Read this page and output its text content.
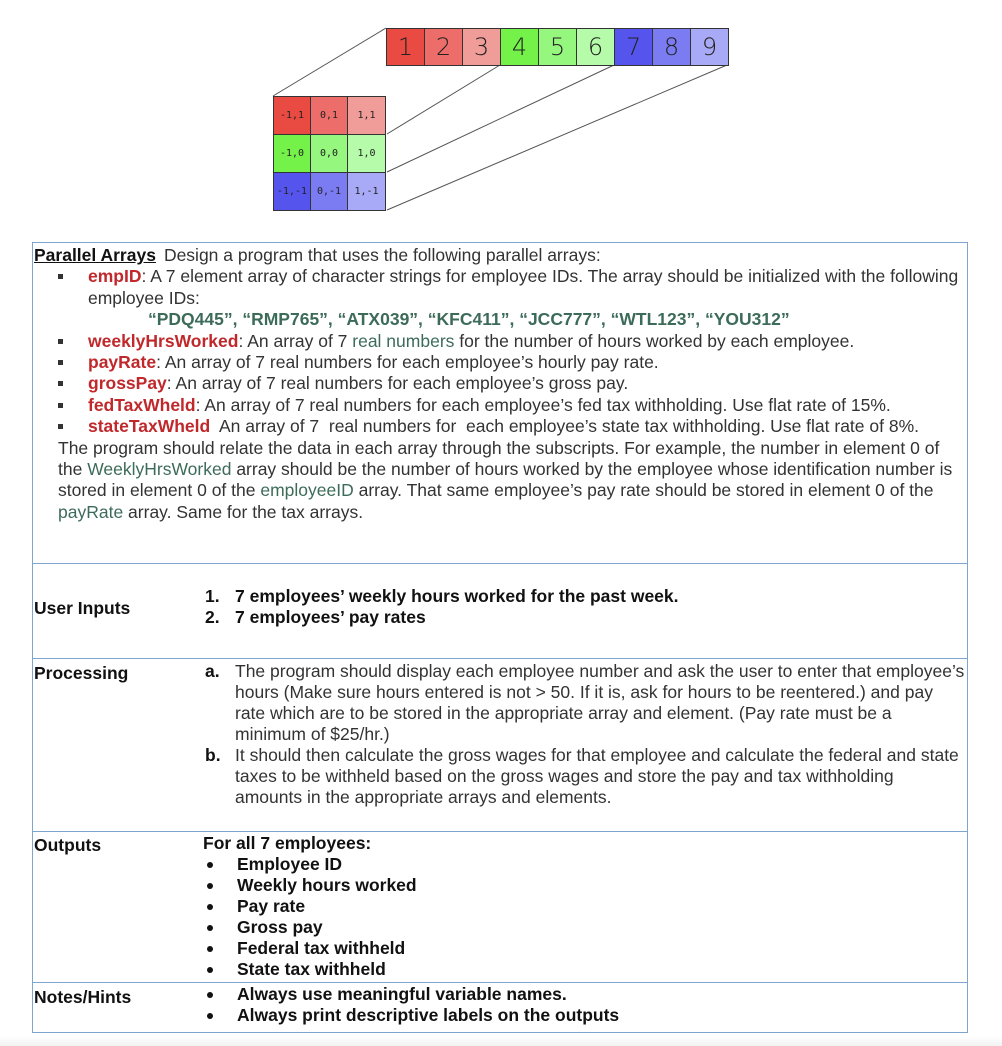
1 2 3 4 5 6 7 8 9
-1,1	0,1	1,1
-1,0	0,0	1,0
-1,-1 0,-1	1,-1
Parallel Arrays Design a program that uses the following parallel arrays:
empID: A 7 element array of character strings for employee IDs. The array should be initialized with the following employee IDs:
“PDQ445”, “RMP765”, “ATX039”, “KFC411”, “JCC777”, “WTL123”, “YOU312”
weeklyHrsWorked: An array of 7 real numbers for the number of hours worked by each employee.
payRate: An array of 7 real numbers for each employee’s hourly pay rate.
grossPay: An array of 7 real numbers for each employee’s gross pay.
fedTaxWheld: An array of 7 real numbers for each employee’s fed tax withholding. Use flat rate of 15%.
stateTaxWheld  An array of 7  real numbers for  each employee’s state tax withholding. Use flat rate of 8%.
The program should relate the data in each array through the subscripts. For example, the number in element 0 of the WeeklyHrsWorked array should be the number of hours worked by the employee whose identification number is stored in element 0 of the employeeID array. That same employee’s pay rate should be stored in element 0 of the payRate array. Same for the tax arrays.
User Inputs
1. 7 employees’ weekly hours worked for the past week.
2. 7 employees’ pay rates
Processing	a. The program should display each employee number and ask the user to enter that employee’s hours (Make sure hours entered is not > 50. If it is, ask for hours to be reentered.) and pay rate which are to be stored in the appropriate array and element. (Pay rate must be a minimum of $25/hr.)
b. It should then calculate the gross wages for that employee and calculate the federal and state taxes to be withheld based on the gross wages and store the pay and tax withholding amounts in the appropriate arrays and elements.
Outputs	For all 7 employees:
Employee ID
Weekly hours worked
Pay rate
Gross pay
Federal tax withheld
State tax withheld
Notes/Hints	Always use meaningful variable names.
Always print descriptive labels on the outputs
